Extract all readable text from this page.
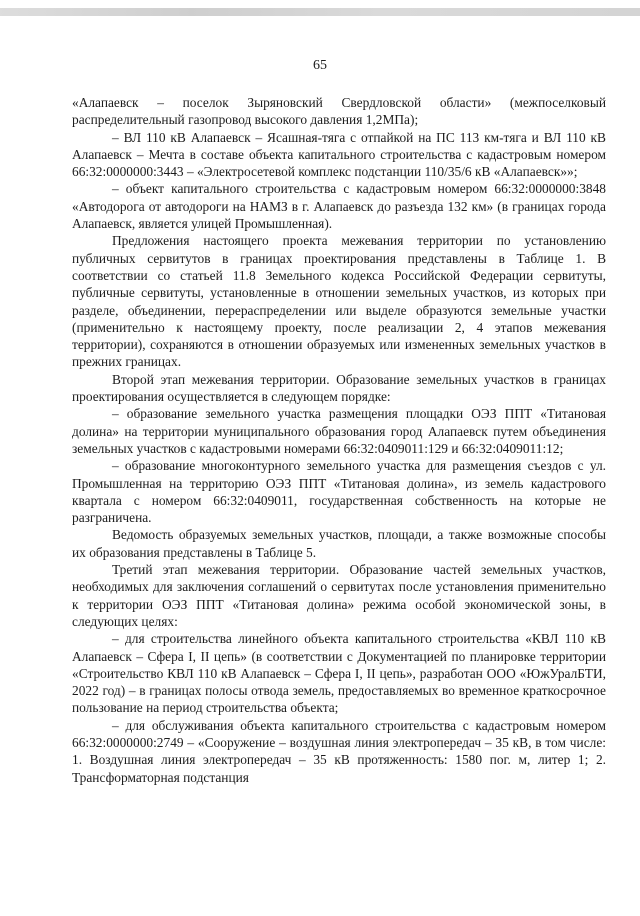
65

«Алапаевск – поселок Зыряновский Свердловской области» (межпоселковый распределительный газопровод высокого давления 1,2МПа);

– ВЛ 110 кВ Алапаевск – Ясашная-тяга с отпайкой на ПС 113 км-тяга и ВЛ 110 кВ Алапаевск – Мечта в составе объекта капитального строительства с кадастровым номером 66:32:0000000:3443 – «Электросетевой комплекс подстанции 110/35/6 кВ «Алапаевск»»;

– объект капитального строительства с кадастровым номером 66:32:0000000:3848 «Автодорога от автодороги на НАМЗ в г. Алапаевск до разъезда 132 км» (в границах города Алапаевск, является улицей Промышленная).

Предложения настоящего проекта межевания территории по установлению публичных сервитутов в границах проектирования представлены в Таблице 1. В соответствии со статьей 11.8 Земельного кодекса Российской Федерации сервитуты, публичные сервитуты, установленные в отношении земельных участков, из которых при разделе, объединении, перераспределении или выделе образуются земельные участки (применительно к настоящему проекту, после реализации 2, 4 этапов межевания территории), сохраняются в отношении образуемых или измененных земельных участков в прежних границах.

Второй этап межевания территории. Образование земельных участков в границах проектирования осуществляется в следующем порядке:

– образование земельного участка размещения площадки ОЭЗ ППТ «Титановая долина» на территории муниципального образования город Алапаевск путем объединения земельных участков с кадастровыми номерами 66:32:0409011:129 и 66:32:0409011:12;

– образование многоконтурного земельного участка для размещения съездов с ул. Промышленная на территорию ОЭЗ ППТ «Титановая долина», из земель кадастрового квартала с номером 66:32:0409011, государственная собственность на которые не разграничена.

Ведомость образуемых земельных участков, площади, а также возможные способы их образования представлены в Таблице 5.

Третий этап межевания территории. Образование частей земельных участков, необходимых для заключения соглашений о сервитутах после установления применительно к территории ОЭЗ ППТ «Титановая долина» режима особой экономической зоны, в следующих целях:

– для строительства линейного объекта капитального строительства «КВЛ 110 кВ Алапаевск – Сфера I, II цепь» (в соответствии с Документацией по планировке территории «Строительство КВЛ 110 кВ Алапаевск – Сфера I, II цепь», разработан ООО «ЮжУралБТИ, 2022 год) – в границах полосы отвода земель, предоставляемых во временное краткосрочное пользование на период строительства объекта;

– для обслуживания объекта капитального строительства с кадастровым номером 66:32:0000000:2749 – «Сооружение – воздушная линия электропередач – 35 кВ, в том числе: 1. Воздушная линия электропередач – 35 кВ протяженность: 1580 пог. м, литер 1; 2. Трансформаторная подстанция
